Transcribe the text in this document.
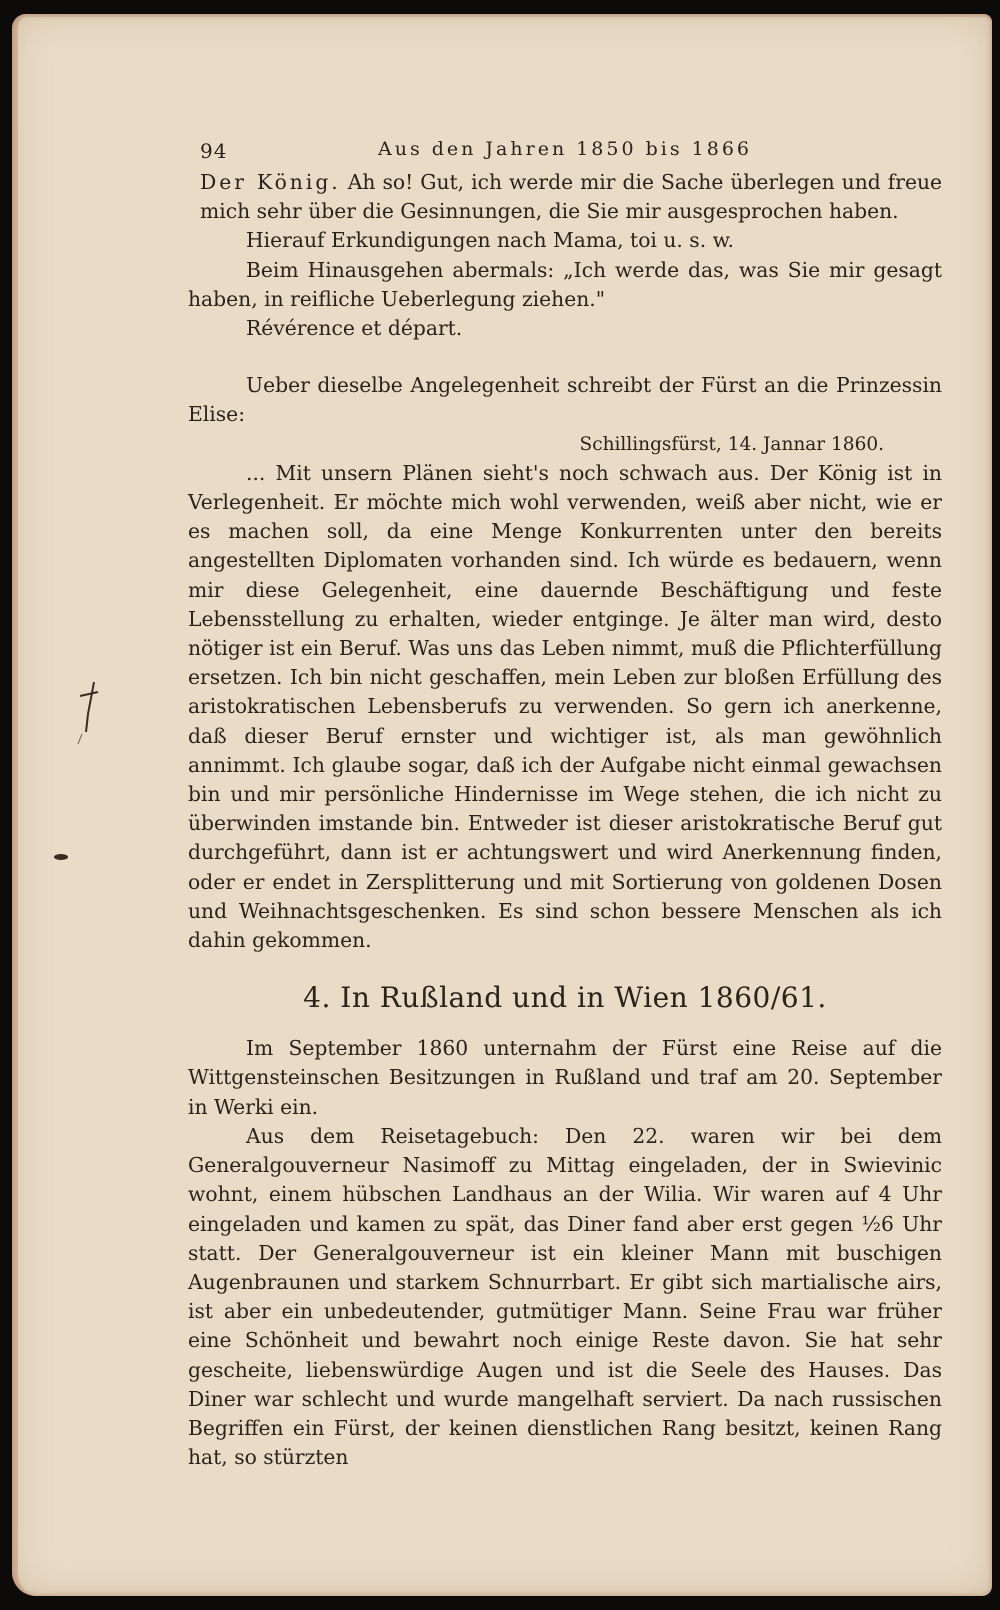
94	Aus den Jahren 1850 bis 1866

Der König. Ah so! Gut, ich werde mir die Sache überlegen und freue mich sehr über die Gesinnungen, die Sie mir ausgesprochen haben.

Hierauf Erkundigungen nach Mama, toi u. s. w.

Beim Hinausgehen abermals: „Ich werde das, was Sie mir gesagt haben, in reifliche Ueberlegung ziehen."

Révérence et départ.

Ueber dieselbe Angelegenheit schreibt der Fürst an die Prinzessin Elise:

Schillingsfürst, 14. Jannar 1860.

... Mit unsern Plänen sieht's noch schwach aus. Der König ist in Verlegenheit. Er möchte mich wohl verwenden, weiß aber nicht, wie er es machen soll, da eine Menge Konkurrenten unter den bereits angestellten Diplomaten vorhanden sind. Ich würde es bedauern, wenn mir diese Gelegenheit, eine dauernde Beschäftigung und feste Lebensstellung zu erhalten, wieder entginge. Je älter man wird, desto nötiger ist ein Beruf. Was uns das Leben nimmt, muß die Pflichterfüllung ersetzen. Ich bin nicht geschaffen, mein Leben zur bloßen Erfüllung des aristokratischen Lebensberufs zu verwenden. So gern ich anerkenne, daß dieser Beruf ernster und wichtiger ist, als man gewöhnlich annimmt. Ich glaube sogar, daß ich der Aufgabe nicht einmal gewachsen bin und mir persönliche Hindernisse im Wege stehen, die ich nicht zu überwinden imstande bin. Entweder ist dieser aristokratische Beruf gut durchgeführt, dann ist er achtungswert und wird Anerkennung finden, oder er endet in Zersplitterung und mit Sortierung von goldenen Dosen und Weihnachtsgeschenken. Es sind schon bessere Menschen als ich dahin gekommen.

4. In Rußland und in Wien 1860/61.

Im September 1860 unternahm der Fürst eine Reise auf die Wittgensteinschen Besitzungen in Rußland und traf am 20. September in Werki ein.

Aus dem Reisetagebuch: Den 22. waren wir bei dem Generalgouverneur Nasimoff zu Mittag eingeladen, der in Swievinic wohnt, einem hübschen Landhaus an der Wilia. Wir waren auf 4 Uhr eingeladen und kamen zu spät, das Diner fand aber erst gegen ½6 Uhr statt. Der Generalgouverneur ist ein kleiner Mann mit buschigen Augenbraunen und starkem Schnurrbart. Er gibt sich martialische airs, ist aber ein unbedeutender, gutmütiger Mann. Seine Frau war früher eine Schönheit und bewahrt noch einige Reste davon. Sie hat sehr gescheite, liebenswürdige Augen und ist die Seele des Hauses. Das Diner war schlecht und wurde mangelhaft serviert. Da nach russischen Begriffen ein Fürst, der keinen dienstlichen Rang besitzt, keinen Rang hat, so stürzten
